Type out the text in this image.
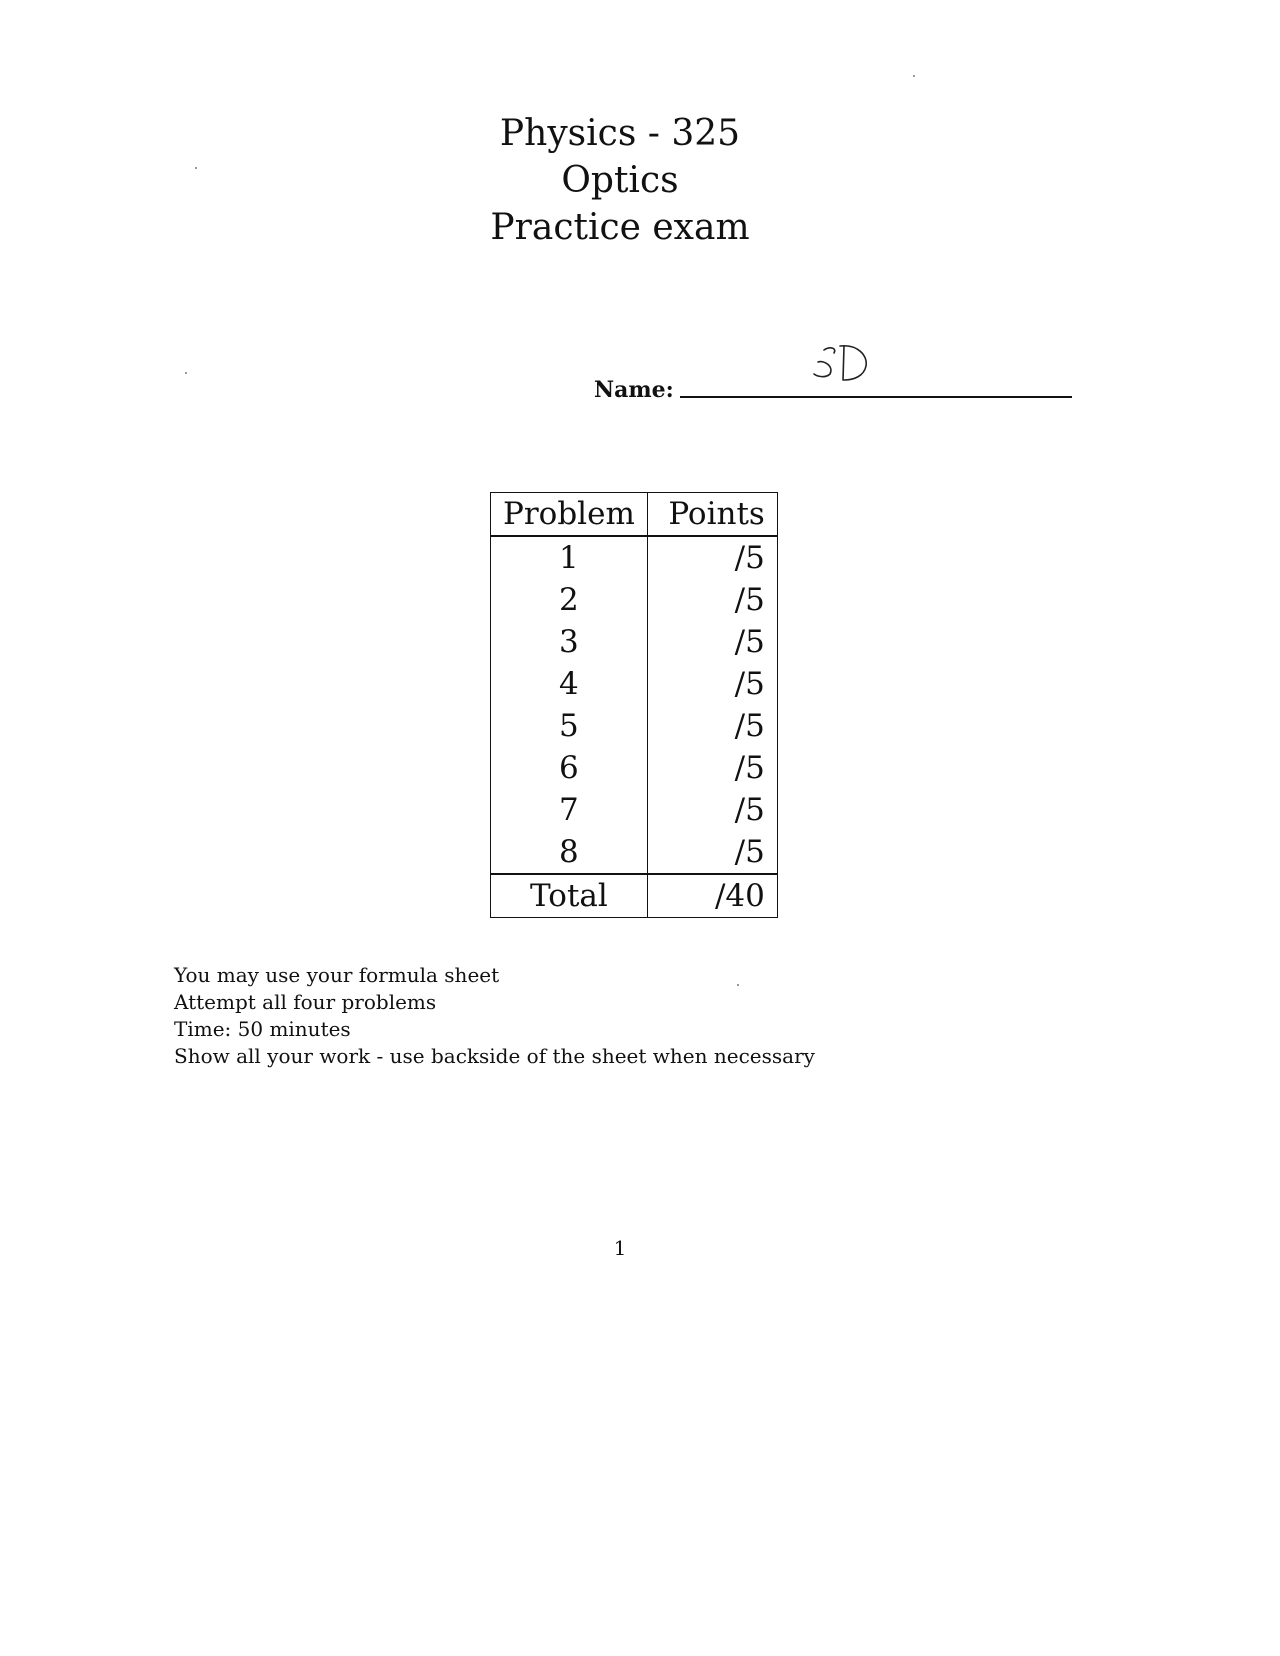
Physics - 325
Optics
Practice exam
Name:
Problem	Points
1	/5
2	/5
3	/5
4	/5
5	/5
6	/5
7	/5
8	/5
Total	/40
You may use your formula sheet
Attempt all four problems
Time: 50 minutes
Show all your work - use backside of the sheet when necessary
1
